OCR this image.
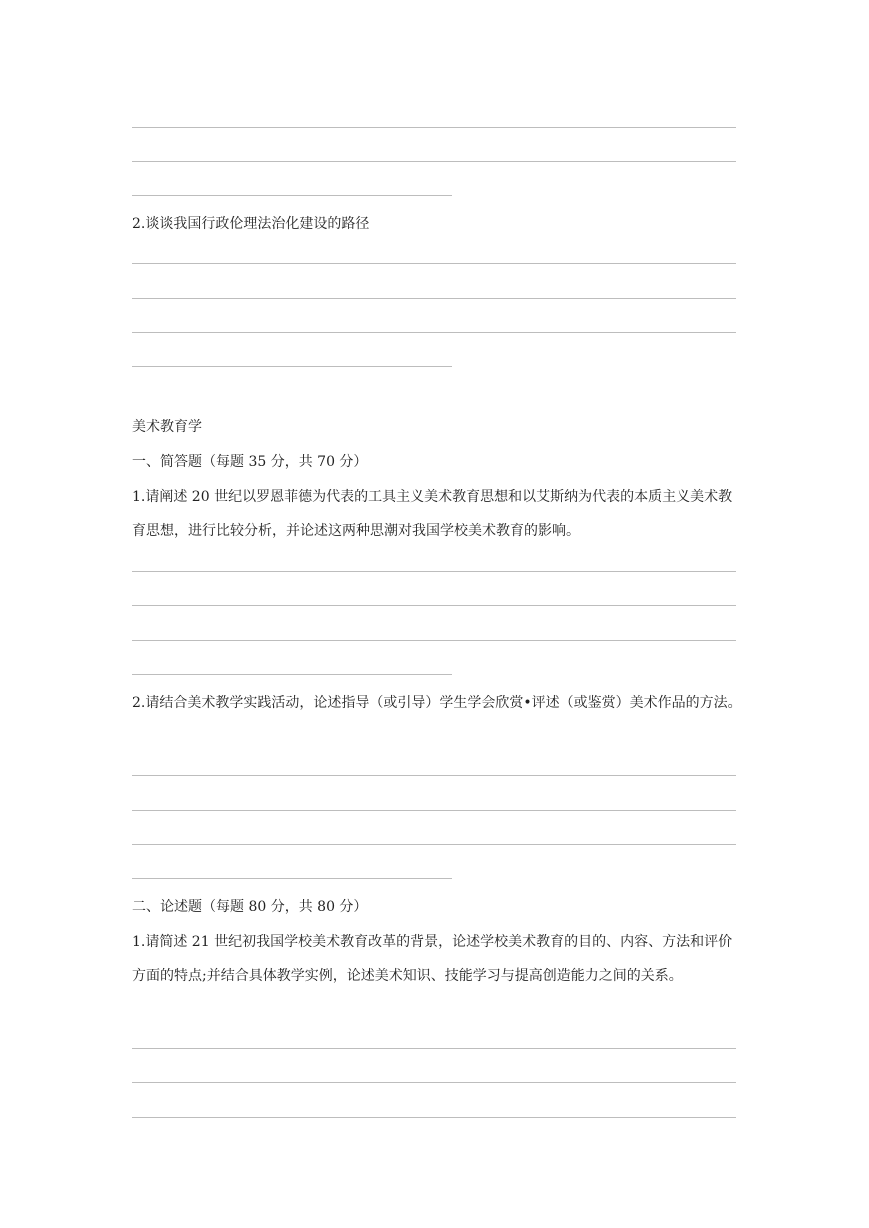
2.谈谈我国行政伦理法治化建设的路径
美术教育学
一、简答题（每题 35 分，共 70 分）
1.请阐述 20 世纪以罗恩菲德为代表的工具主义美术教育思想和以艾斯纳为代表的本质主义美术教育思想，进行比较分析，并论述这两种思潮对我国学校美术教育的影响。
2.请结合美术教学实践活动，论述指导（或引导）学生学会欣赏•评述（或鉴赏）美术作品的方法。
二、论述题（每题 80 分，共 80 分）
1.请简述 21 世纪初我国学校美术教育改革的背景，论述学校美术教育的目的、内容、方法和评价方面的特点;并结合具体教学实例，论述美术知识、技能学习与提高创造能力之间的关系。
